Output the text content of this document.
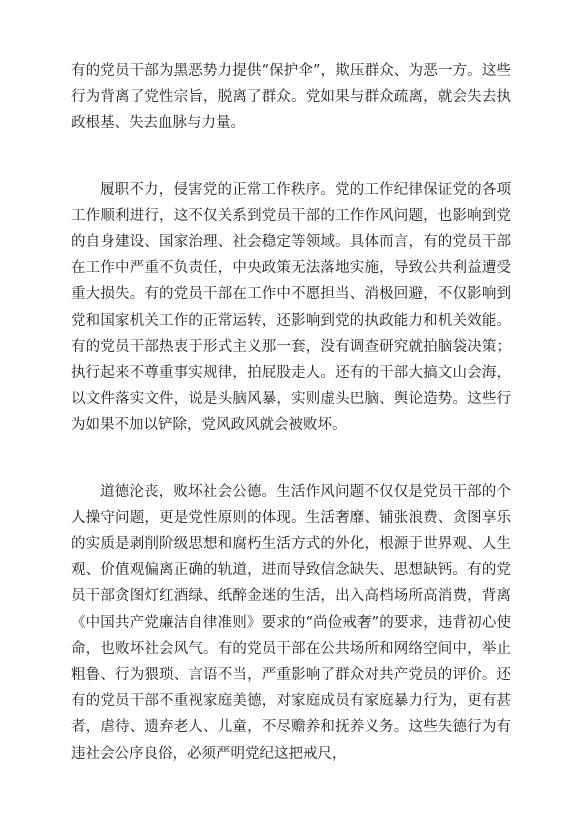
有的党员干部为黑恶势力提供“保护伞”，欺压群众、为恶一方。这些行为背离了党性宗旨，脱离了群众。党如果与群众疏离，就会失去执政根基、失去血脉与力量。

履职不力，侵害党的正常工作秩序。党的工作纪律保证党的各项工作顺利进行，这不仅关系到党员干部的工作作风问题，也影响到党的自身建设、国家治理、社会稳定等领域。具体而言，有的党员干部在工作中严重不负责任，中央政策无法落地实施，导致公共利益遭受重大损失。有的党员干部在工作中不愿担当、消极回避，不仅影响到党和国家机关工作的正常运转，还影响到党的执政能力和机关效能。有的党员干部热衷于形式主义那一套，没有调查研究就拍脑袋决策；执行起来不尊重事实规律，拍屁股走人。还有的干部大搞文山会海，以文件落实文件，说是头脑风暴，实则虚头巴脑、舆论造势。这些行为如果不加以铲除，党风政风就会被败坏。

道德沦丧，败坏社会公德。生活作风问题不仅仅是党员干部的个人操守问题，更是党性原则的体现。生活奢靡、铺张浪费、贪图享乐的实质是剥削阶级思想和腐朽生活方式的外化，根源于世界观、人生观、价值观偏离正确的轨道，进而导致信念缺失、思想缺钙。有的党员干部贪图灯红酒绿、纸醉金迷的生活，出入高档场所高消费，背离《中国共产党廉洁自律准则》要求的“尚俭戒奢”的要求，违背初心使命，也败坏社会风气。有的党员干部在公共场所和网络空间中，举止粗鲁、行为猥琐、言语不当，严重影响了群众对共产党员的评价。还有的党员干部不重视家庭美德，对家庭成员有家庭暴力行为，更有甚者，虐待、遗弃老人、儿童，不尽赡养和抚养义务。这些失德行为有违社会公序良俗，必须严明党纪这把戒尺，
